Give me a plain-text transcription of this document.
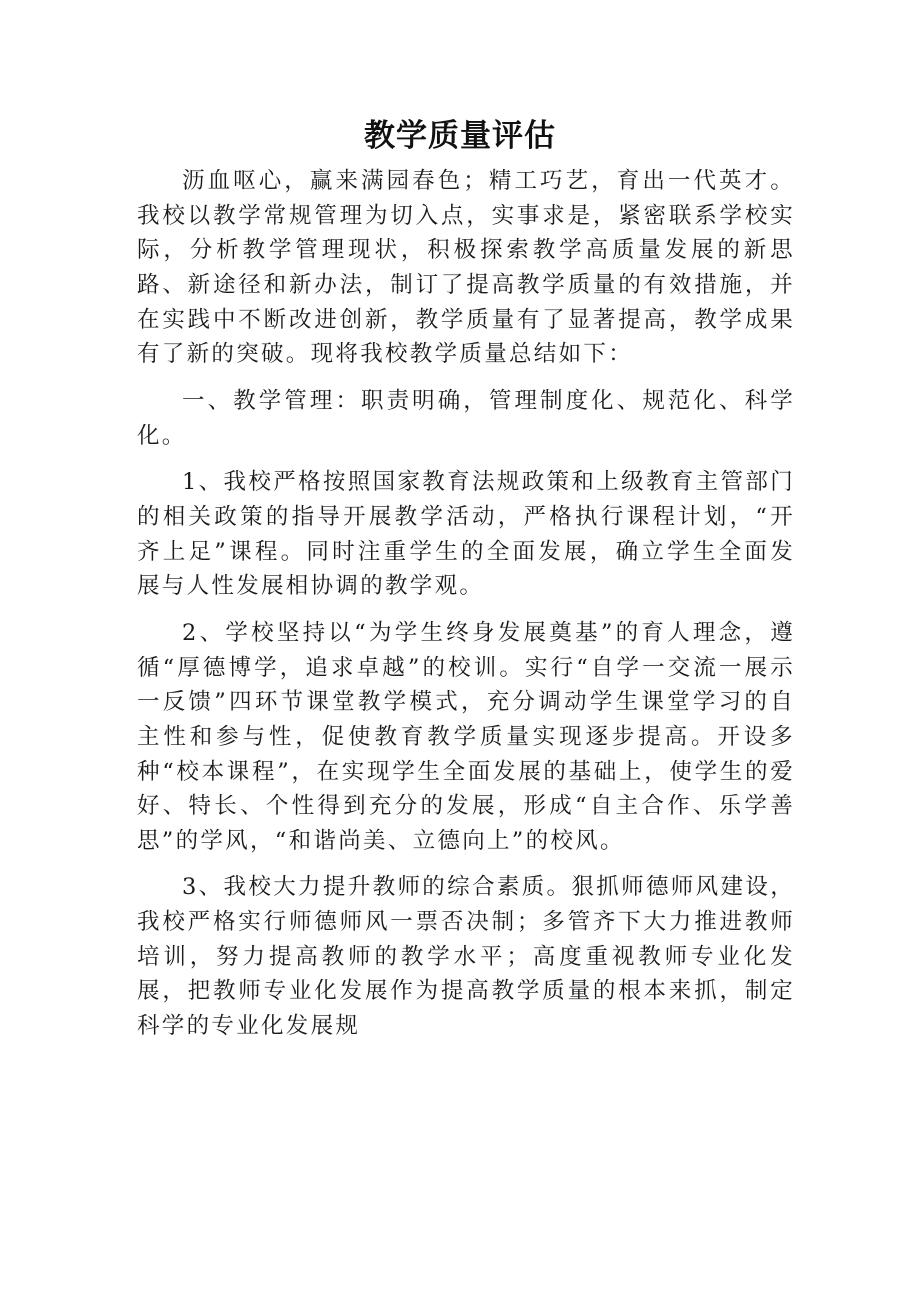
教学质量评估

沥血呕心，赢来满园春色；精工巧艺，育出一代英才。我校以教学常规管理为切入点，实事求是，紧密联系学校实际，分析教学管理现状，积极探索教学高质量发展的新思路、新途径和新办法，制订了提高教学质量的有效措施，并在实践中不断改进创新，教学质量有了显著提高，教学成果有了新的突破。现将我校教学质量总结如下：

一、教学管理：职责明确，管理制度化、规范化、科学化。

1、我校严格按照国家教育法规政策和上级教育主管部门的相关政策的指导开展教学活动，严格执行课程计划，“开齐上足”课程。同时注重学生的全面发展，确立学生全面发展与人性发展相协调的教学观。

2、学校坚持以“为学生终身发展奠基”的育人理念，遵循“厚德博学，追求卓越”的校训。实行“自学一交流一展示一反馈”四环节课堂教学模式，充分调动学生课堂学习的自主性和参与性，促使教育教学质量实现逐步提高。开设多种“校本课程”，在实现学生全面发展的基础上，使学生的爱好、特长、个性得到充分的发展，形成“自主合作、乐学善思”的学风，“和谐尚美、立德向上”的校风。

3、我校大力提升教师的综合素质。狠抓师德师风建设，我校严格实行师德师风一票否决制；多管齐下大力推进教师培训，努力提高教师的教学水平；高度重视教师专业化发展，把教师专业化发展作为提高教学质量的根本来抓，制定科学的专业化发展规
